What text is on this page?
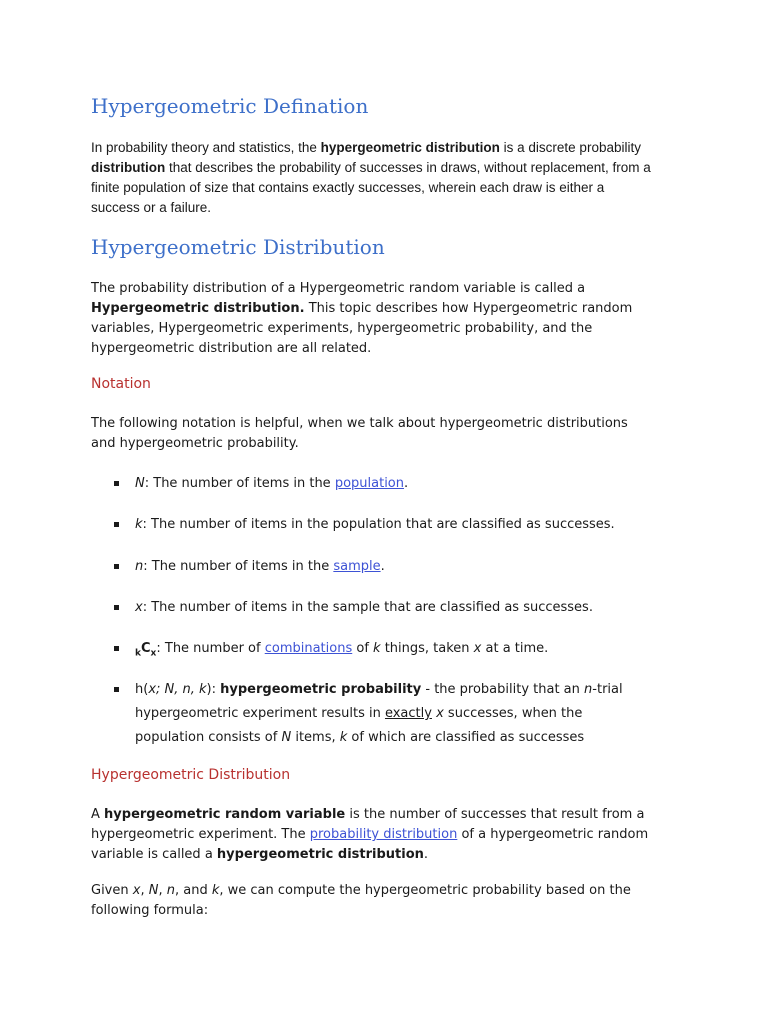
Hypergeometric Defination

In probability theory and statistics, the hypergeometric distribution is a discrete probability distribution that describes the probability of successes in draws, without replacement, from a finite population of size that contains exactly successes, wherein each draw is either a success or a failure.

Hypergeometric Distribution

The probability distribution of a Hypergeometric random variable is called a Hypergeometric distribution. This topic describes how Hypergeometric random variables, Hypergeometric experiments, hypergeometric probability, and the hypergeometric distribution are all related.

Notation

The following notation is helpful, when we talk about hypergeometric distributions and hypergeometric probability.

N: The number of items in the population.
k: The number of items in the population that are classified as successes.
n: The number of items in the sample.
x: The number of items in the sample that are classified as successes.
$_kC_x$: The number of combinations of k things, taken x at a time.
h(x; N, n, k): hypergeometric probability - the probability that an n-trial hypergeometric experiment results in exactly x successes, when the population consists of N items, k of which are classified as successes
Hypergeometric Distribution

A hypergeometric random variable is the number of successes that result from a hypergeometric experiment. The probability distribution of a hypergeometric random variable is called a hypergeometric distribution.

Given x, N, n, and k, we can compute the hypergeometric probability based on the following formula:
